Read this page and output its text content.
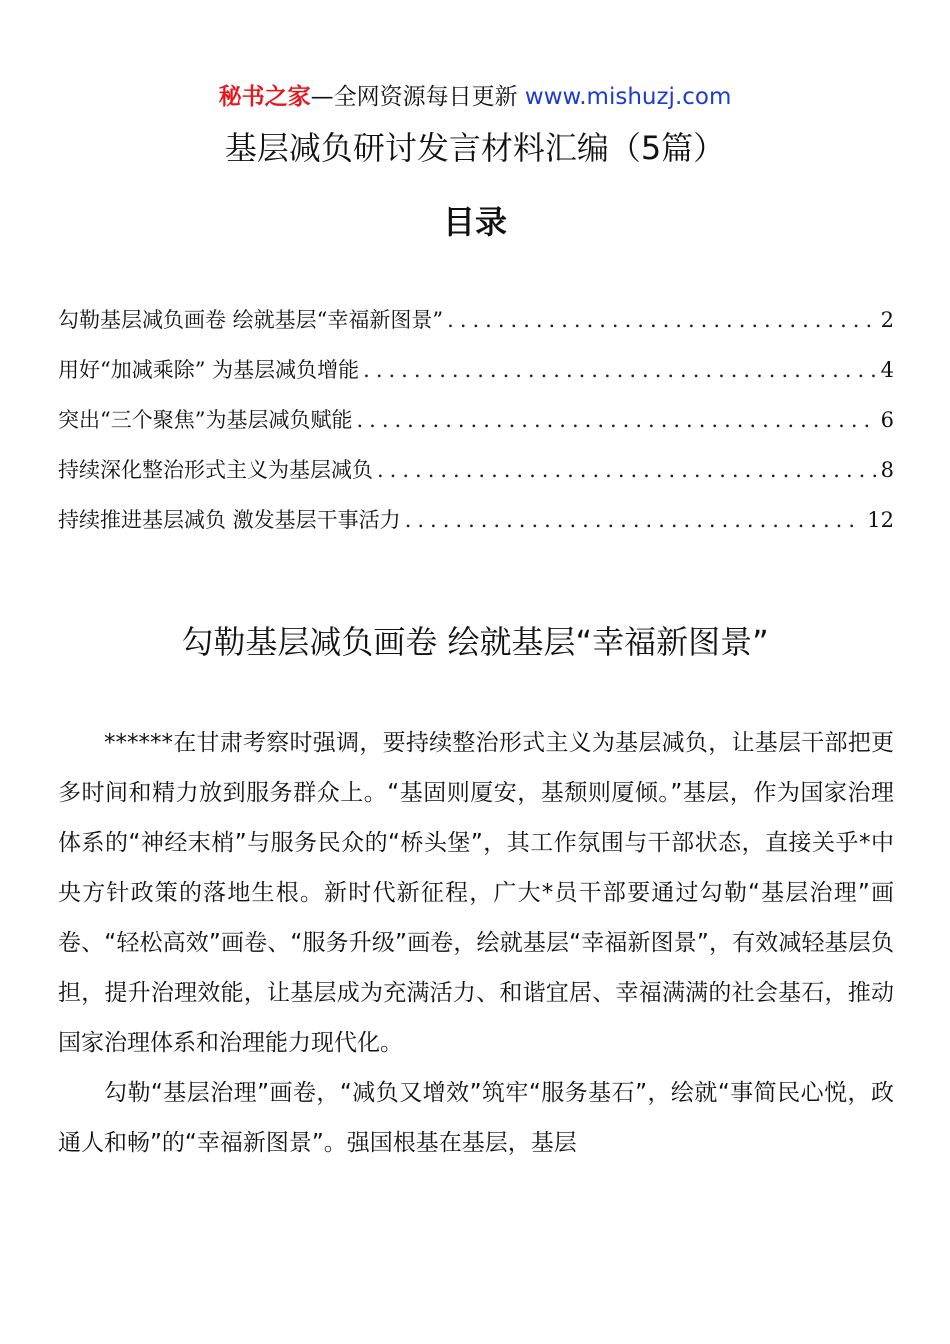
秘书之家—全网资源每日更新 www.mishuzj.com
基层减负研讨发言材料汇编（5篇）
目录
勾勒基层减负画卷 绘就基层“幸福新图景” .....	2
用好“加减乘除” 为基层减负增能 .....	4
突出“三个聚焦”为基层减负赋能 .....	6
持续深化整治形式主义为基层减负 .....	8
持续推进基层减负 激发基层干事活力 .....	12
勾勒基层减负画卷 绘就基层“幸福新图景”

******在甘肃考察时强调，要持续整治形式主义为基层减负，让基层干部把更多时间和精力放到服务群众上。“基固则厦安，基颓则厦倾。”基层，作为国家治理体系的“神经末梢”与服务民众的“桥头堡”，其工作氛围与干部状态，直接关乎*中央方针政策的落地生根。新时代新征程，广大*员干部要通过勾勒“基层治理”画卷、“轻松高效”画卷、“服务升级”画卷，绘就基层“幸福新图景”，有效减轻基层负担，提升治理效能，让基层成为充满活力、和谐宜居、幸福满满的社会基石，推动国家治理体系和治理能力现代化。

勾勒“基层治理”画卷，“减负又增效”筑牢“服务基石”，绘就“事简民心悦，政通人和畅”的“幸福新图景”。强国根基在基层，基层
